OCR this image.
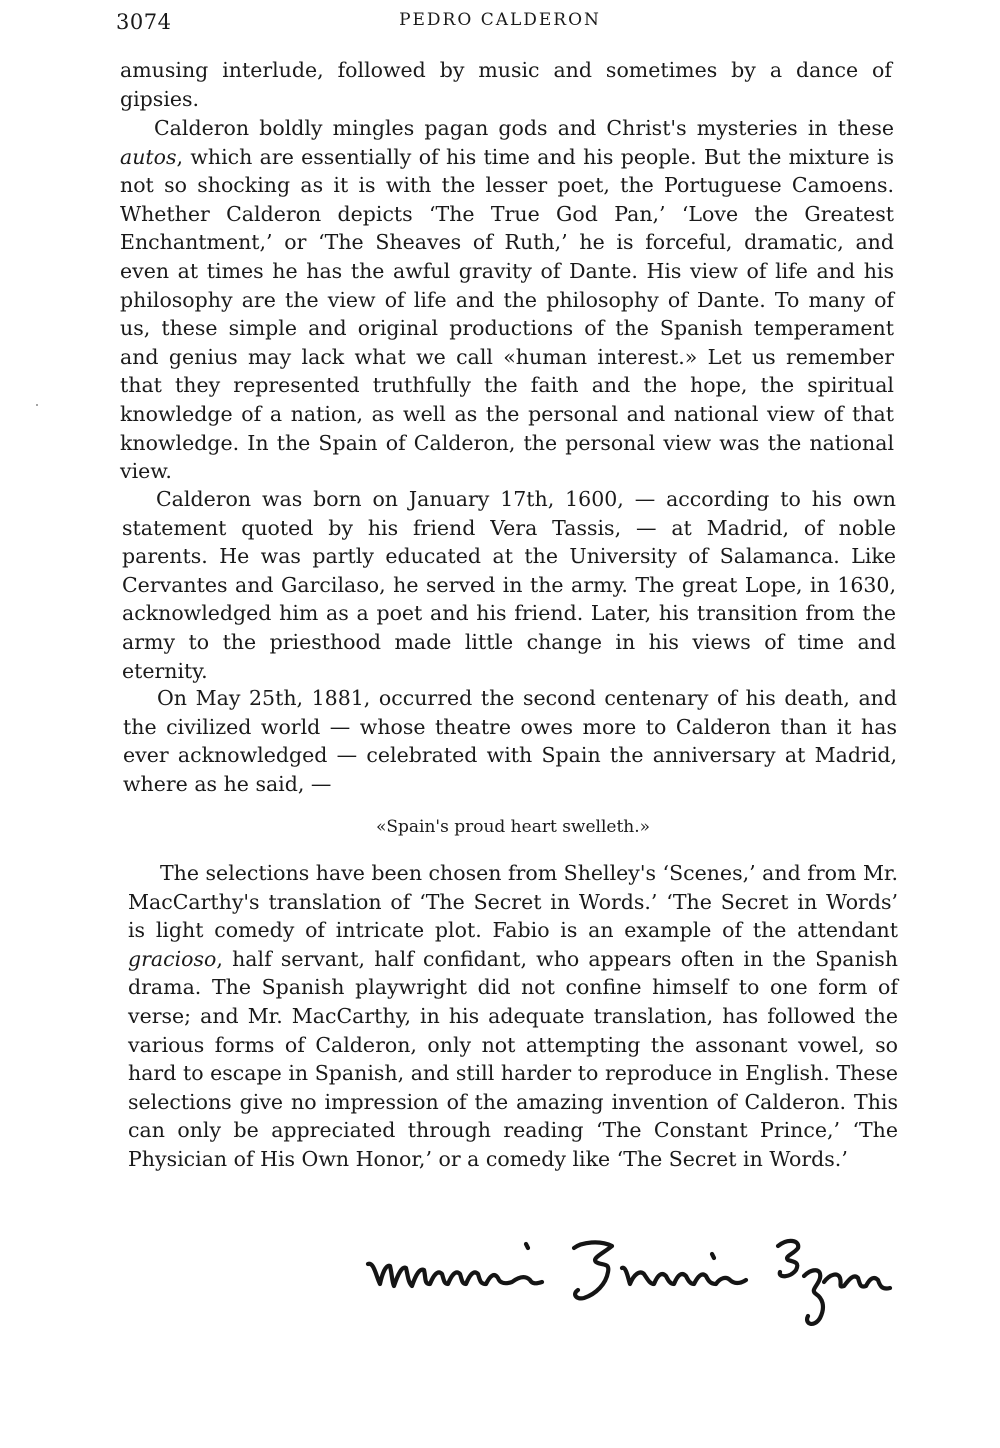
3074	PEDRO CALDERON

amusing interlude, followed by music and sometimes by a dance of gipsies.

Calderon boldly mingles pagan gods and Christ's mysteries in these autos, which are essentially of his time and his people. But the mixture is not so shocking as it is with the lesser poet, the Portuguese Camoens. Whether Calderon depicts ‘The True God Pan,’ ‘Love the Greatest Enchantment,’ or ‘The Sheaves of Ruth,’ he is forceful, dramatic, and even at times he has the awful gravity of Dante. His view of life and his philosophy are the view of life and the philosophy of Dante. To many of us, these simple and original productions of the Spanish temperament and genius may lack what we call «human interest.» Let us remember that they represented truthfully the faith and the hope, the spiritual knowledge of a nation, as well as the personal and national view of that knowledge. In the Spain of Calderon, the personal view was the national view.

Calderon was born on January 17th, 1600, — according to his own statement quoted by his friend Vera Tassis, — at Madrid, of noble parents. He was partly educated at the University of Salamanca. Like Cervantes and Garcilaso, he served in the army. The great Lope, in 1630, acknowledged him as a poet and his friend. Later, his transition from the army to the priesthood made little change in his views of time and eternity.

On May 25th, 1881, occurred the second centenary of his death, and the civilized world — whose theatre owes more to Calderon than it has ever acknowledged — celebrated with Spain the anniversary at Madrid, where as he said, —

«Spain's proud heart swelleth.»

The selections have been chosen from Shelley's ‘Scenes,’ and from Mr. MacCarthy's translation of ‘The Secret in Words.’ ‘The Secret in Words’ is light comedy of intricate plot. Fabio is an example of the attendant gracioso, half servant, half confidant, who appears often in the Spanish drama. The Spanish playwright did not confine himself to one form of verse; and Mr. MacCarthy, in his adequate translation, has followed the various forms of Calderon, only not attempting the assonant vowel, so hard to escape in Spanish, and still harder to reproduce in English. These selections give no impression of the amazing invention of Calderon. This can only be appreciated through reading ‘The Constant Prince,’ ‘The Physician of His Own Honor,’ or a comedy like ‘The Secret in Words.’
